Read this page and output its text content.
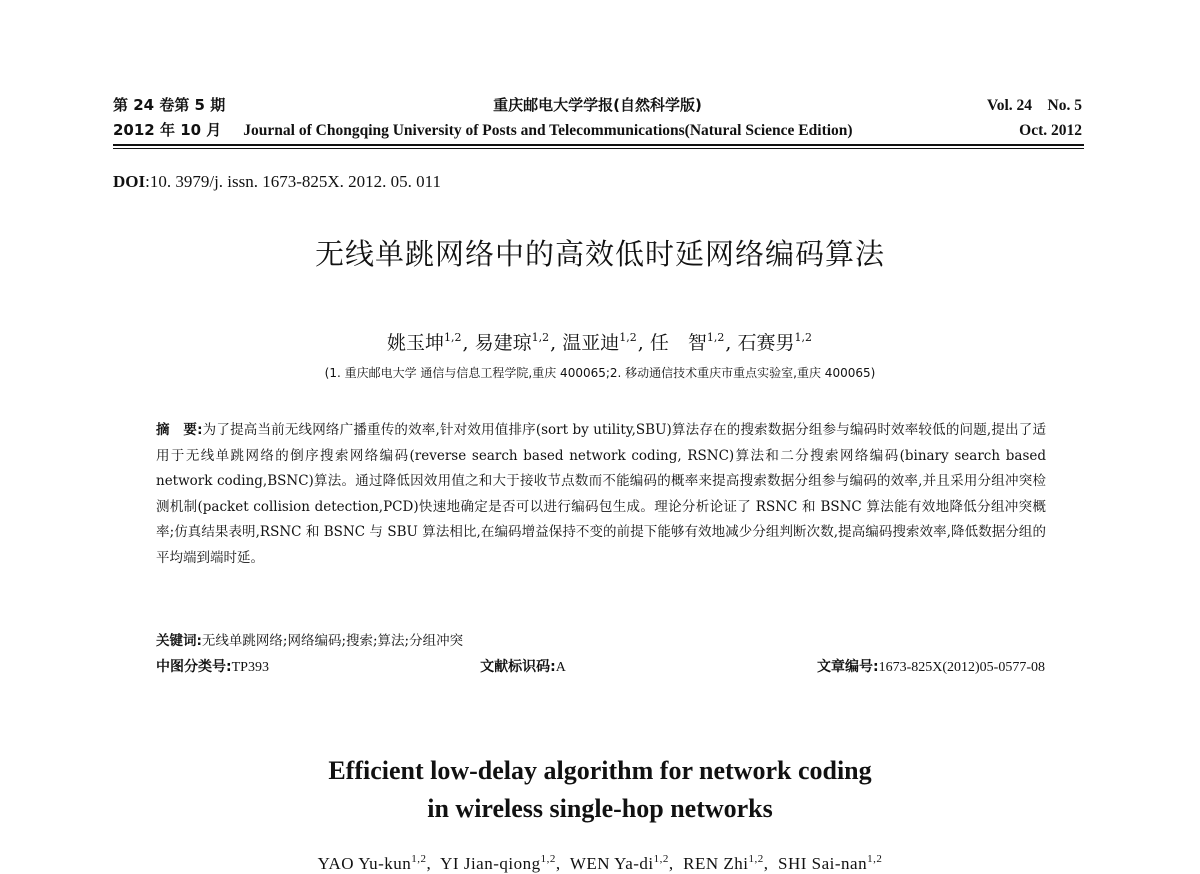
第 24 卷第 5 期	重庆邮电大学学报(自然科学版)	Vol. 24    No. 5
2012 年 10 月 Journal of Chongqing University of Posts and Telecommunications(Natural Science Edition)	Oct. 2012
DOI:10. 3979/j. issn. 1673-825X. 2012. 05. 011
无线单跳网络中的高效低时延网络编码算法
姚玉坤$^{1,2}$, 易建琼$^{1,2}$, 温亚迪$^{1,2}$, 任　智$^{1,2}$, 石赛男$^{1,2}$
(1. 重庆邮电大学 通信与信息工程学院,重庆 400065;2. 移动通信技术重庆市重点实验室,重庆 400065)

摘　要:为了提高当前无线网络广播重传的效率,针对效用值排序(sort by utility,SBU)算法存在的搜索数据分组参与编码时效率较低的问题,提出了适用于无线单跳网络的倒序搜索网络编码(reverse search based network coding, RSNC)算法和二分搜索网络编码(binary search based network coding,BSNC)算法。通过降低因效用值之和大于接收节点数而不能编码的概率来提高搜索数据分组参与编码的效率,并且采用分组冲突检测机制(packet collision detection,PCD)快速地确定是否可以进行编码包生成。理论分析论证了 RSNC 和 BSNC 算法能有效地降低分组冲突概率;仿真结果表明,RSNC 和 BSNC 与 SBU 算法相比,在编码增益保持不变的前提下能够有效地减少分组判断次数,提高编码搜索效率,降低数据分组的平均端到端时延。

关键词:无线单跳网络;网络编码;搜索;算法;分组冲突
中图分类号:TP393	文献标识码:A	文章编号:1673-825X(2012)05-0577-08
Efficient low-delay algorithm for network coding
in wireless single-hop networks
YAO Yu-kun$^{1,2}$,  YI Jian-qiong$^{1,2}$,  WEN Ya-di$^{1,2}$,  REN Zhi$^{1,2}$,  SHI Sai-nan$^{1,2}$
